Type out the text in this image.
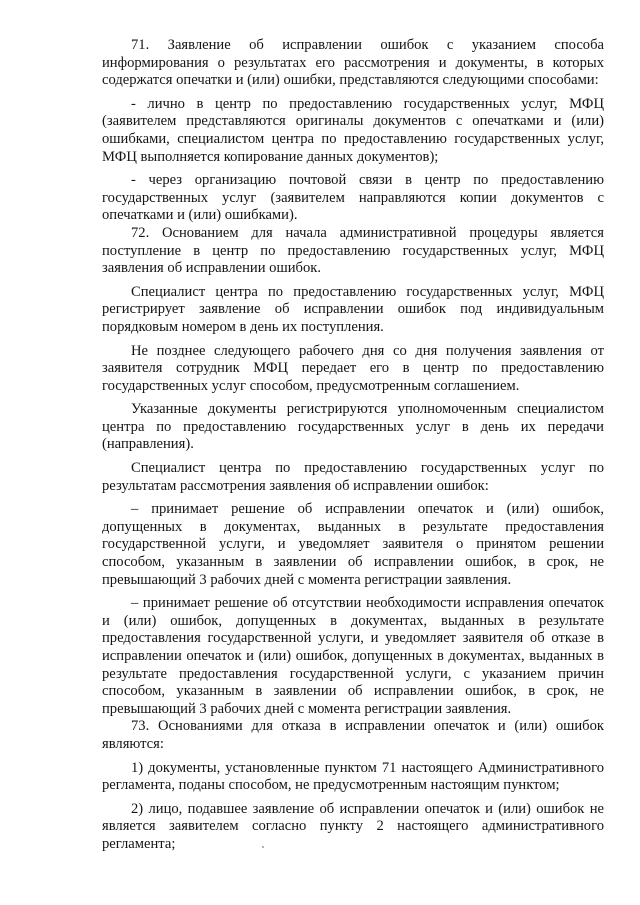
71. Заявление об исправлении ошибок с указанием способа информирования о результатах его рассмотрения и документы, в которых содержатся опечатки и (или) ошибки, представляются следующими способами:

- лично в центр по предоставлению государственных услуг, МФЦ (заявителем представляются оригиналы документов с опечатками и (или) ошибками, специалистом центра по предоставлению государственных услуг, МФЦ выполняется копирование данных документов);

- через организацию почтовой связи в центр по предоставлению государственных услуг (заявителем направляются копии документов с опечатками и (или) ошибками).

72. Основанием для начала административной процедуры является поступление в центр по предоставлению государственных услуг, МФЦ заявления об исправлении ошибок.

Специалист центра по предоставлению государственных услуг, МФЦ регистрирует заявление об исправлении ошибок под индивидуальным порядковым номером в день их поступления.

Не позднее следующего рабочего дня со дня получения заявления от заявителя сотрудник МФЦ передает его в центр по предоставлению государственных услуг способом, предусмотренным соглашением.

Указанные документы регистрируются уполномоченным специалистом центра по предоставлению государственных услуг в день их передачи (направления).

Специалист центра по предоставлению государственных услуг по результатам рассмотрения заявления об исправлении ошибок:

– принимает решение об исправлении опечаток и (или) ошибок, допущенных в документах, выданных в результате предоставления государственной услуги, и уведомляет заявителя о принятом решении способом, указанным в заявлении об исправлении ошибок, в срок, не превышающий 3 рабочих дней с момента регистрации заявления.

– принимает решение об отсутствии необходимости исправления опечаток и (или) ошибок, допущенных в документах, выданных в результате предоставления государственной услуги, и уведомляет заявителя об отказе в исправлении опечаток и (или) ошибок, допущенных в документах, выданных в результате предоставления государственной услуги, с указанием причин способом, указанным в заявлении об исправлении ошибок, в срок, не превышающий 3 рабочих дней с момента регистрации заявления.

73. Основаниями для отказа в исправлении опечаток и (или) ошибок являются:

1) документы, установленные пунктом 71 настоящего Административного регламента, поданы способом, не предусмотренным настоящим пунктом;

2) лицо, подавшее заявление об исправлении опечаток и (или) ошибок не является заявителем согласно пункту 2 настоящего административного регламента;
